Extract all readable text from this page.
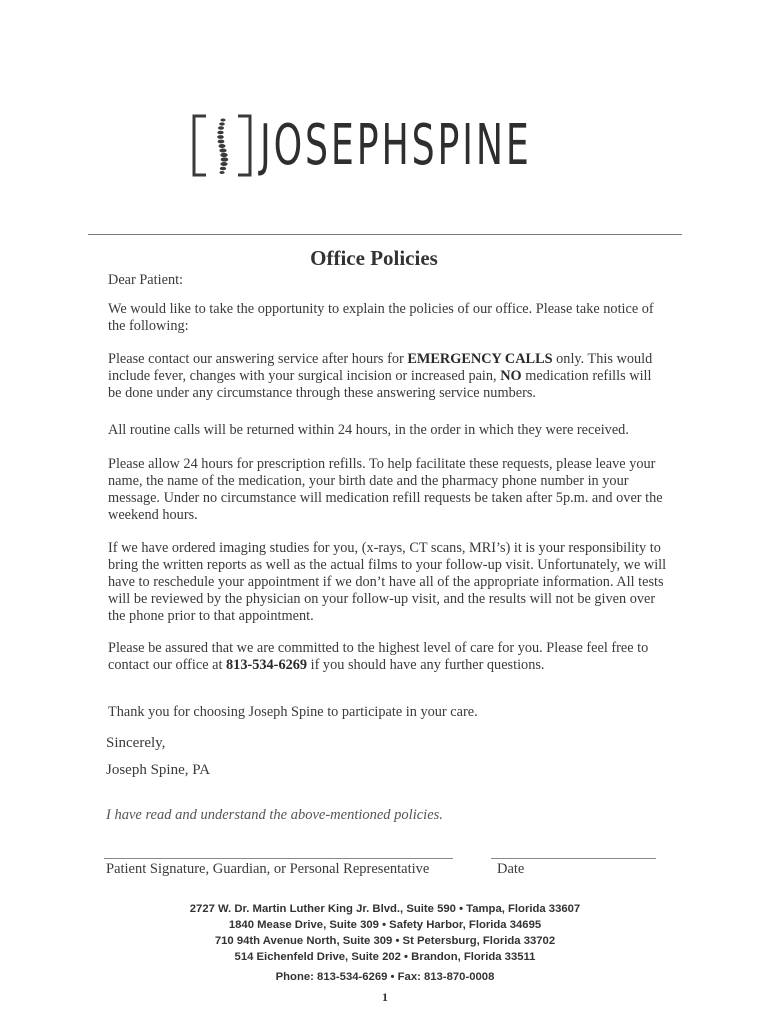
JOSEPHSPINE
Office Policies
Dear Patient:

We would like to take the opportunity to explain the policies of our office. Please take notice of the following:

Please contact our answering service after hours for EMERGENCY CALLS only. This would include fever, changes with your surgical incision or increased pain, NO medication refills will be done under any circumstance through these answering service numbers.

All routine calls will be returned within 24 hours, in the order in which they were received.

Please allow 24 hours for prescription refills. To help facilitate these requests, please leave your name, the name of the medication, your birth date and the pharmacy phone number in your message. Under no circumstance will medication refill requests be taken after 5p.m. and over the weekend hours.

If we have ordered imaging studies for you, (x-rays, CT scans, MRI’s) it is your responsibility to bring the written reports as well as the actual films to your follow-up visit. Unfortunately, we will have to reschedule your appointment if we don’t have all of the appropriate information. All tests will be reviewed by the physician on your follow-up visit, and the results will not be given over the phone prior to that appointment.

Please be assured that we are committed to the highest level of care for you. Please feel free to contact our office at 813-534-6269 if you should have any further questions.

Thank you for choosing Joseph Spine to participate in your care.

Sincerely,
Joseph Spine, PA
I have read and understand the above-mentioned policies.
Patient Signature, Guardian, or Personal Representative	Date
2727 W. Dr. Martin Luther King Jr. Blvd., Suite 590 • Tampa, Florida 33607
1840 Mease Drive, Suite 309 • Safety Harbor, Florida 34695
710 94th Avenue North, Suite 309 • St Petersburg, Florida 33702
514 Eichenfeld Drive, Suite 202 • Brandon, Florida 33511
Phone: 813-534-6269 • Fax: 813-870-0008
1
